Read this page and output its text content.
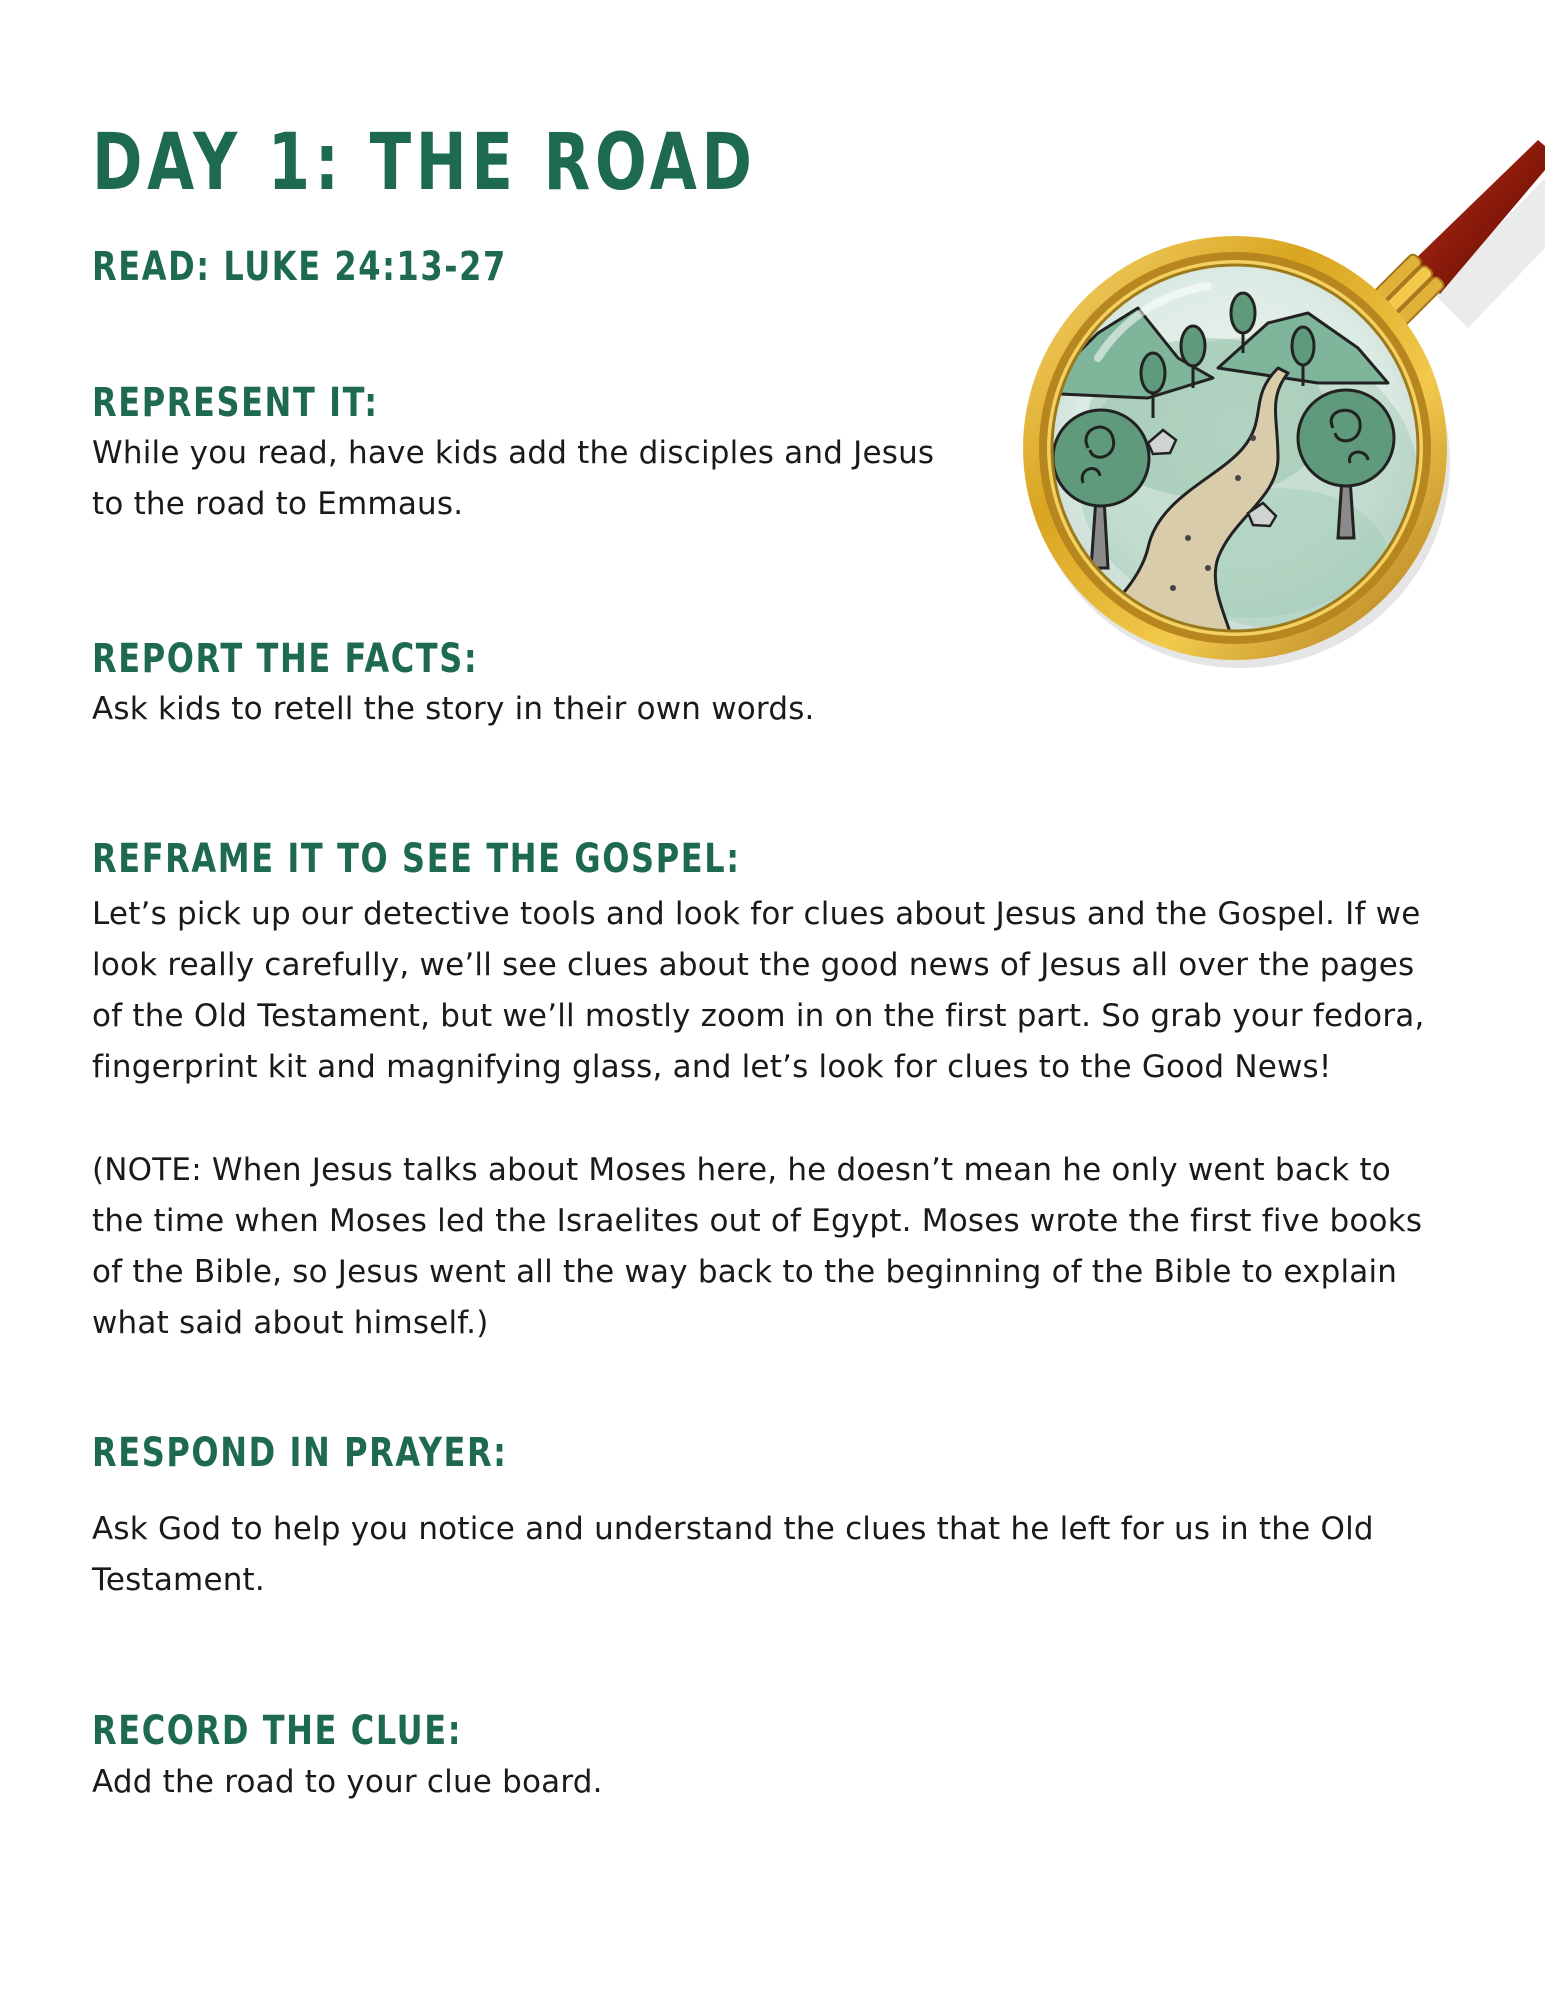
DAY 1: THE ROAD
READ: LUKE 24:13-27
REPRESENT IT:

While you read, have kids add the disciples and Jesus
to the road to Emmaus.

REPORT THE FACTS:

Ask kids to retell the story in their own words.

REFRAME IT TO SEE THE GOSPEL:

Let’s pick up our detective tools and look for clues about Jesus and the Gospel. If we
look really carefully, we’ll see clues about the good news of Jesus all over the pages
of the Old Testament, but we’ll mostly zoom in on the first part. So grab your fedora,
fingerprint kit and magnifying glass, and let’s look for clues to the Good News!

(NOTE: When Jesus talks about Moses here, he doesn’t mean he only went back to
the time when Moses led the Israelites out of Egypt. Moses wrote the first five books
of the Bible, so Jesus went all the way back to the beginning of the Bible to explain
what said about himself.)

RESPOND IN PRAYER:

Ask God to help you notice and understand the clues that he left for us in the Old
Testament.

RECORD THE CLUE:

Add the road to your clue board.
